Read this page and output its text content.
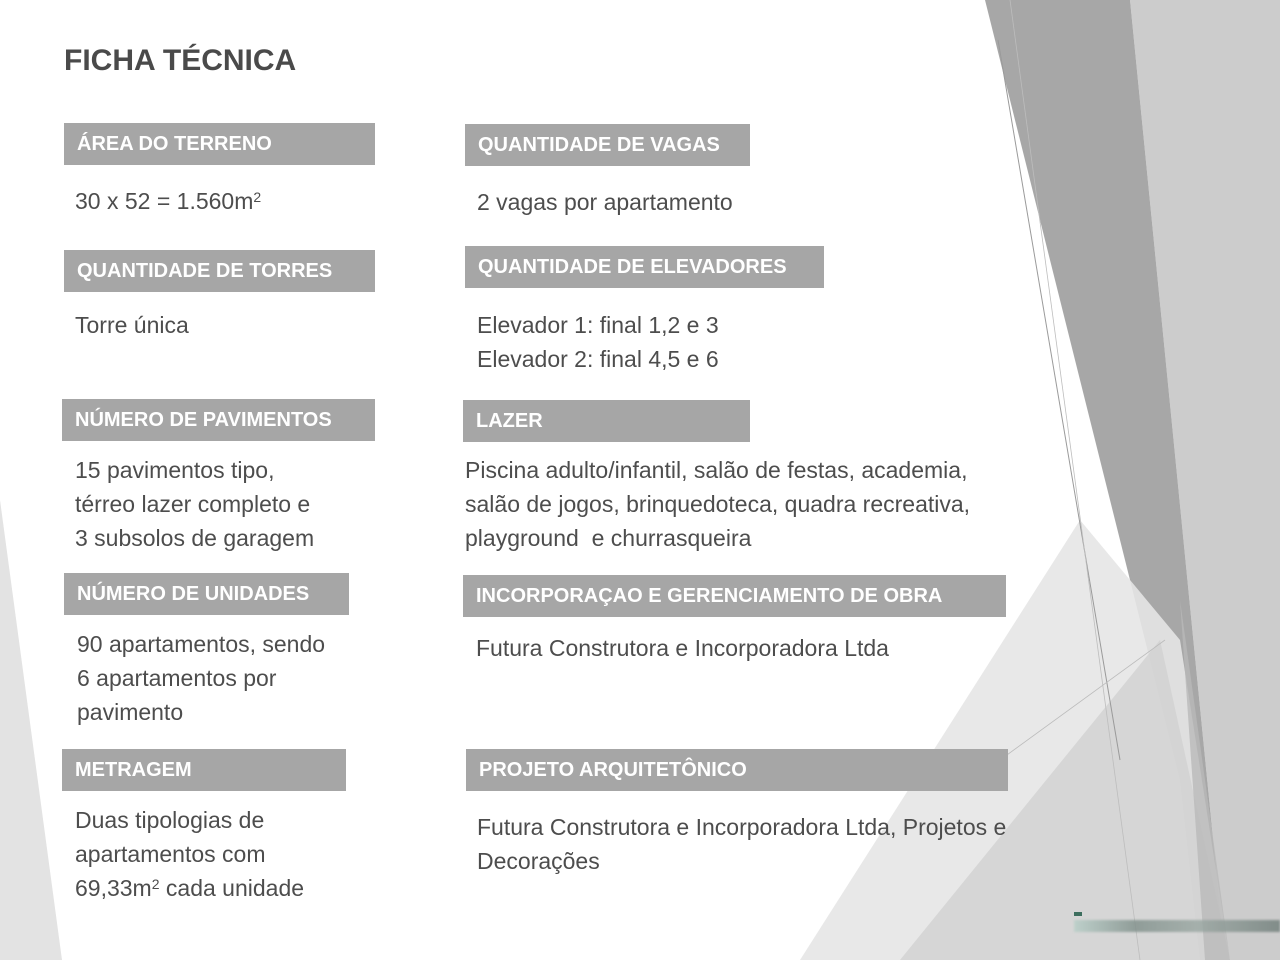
FICHA TÉCNICA
ÁREA DO TERRENO
30 x $52 = 1.560m^2$
QUANTIDADE DE TORRES
Torre única
NÚMERO DE PAVIMENTOS
15 pavimentos tipo,
térreo lazer completo e
3 subsolos de garagem
NÚMERO DE UNIDADES
90 apartamentos, sendo
6 apartamentos por
pavimento
METRAGEM
Duas tipologias de
apartamentos com
$69,33m^2$ cada unidade
QUANTIDADE DE VAGAS
2 vagas por apartamento
QUANTIDADE DE ELEVADORES
Elevador 1: final 1,2 e 3
Elevador 2: final 4,5 e 6
LAZER
Piscina adulto/infantil, salão de festas, academia,
salão de jogos, brinquedoteca, quadra recreativa,
playground  e churrasqueira
INCORPORAÇAO E GERENCIAMENTO DE OBRA
Futura Construtora e Incorporadora Ltda
PROJETO ARQUITETÔNICO
Futura Construtora e Incorporadora Ltda, Projetos e
Decorações
